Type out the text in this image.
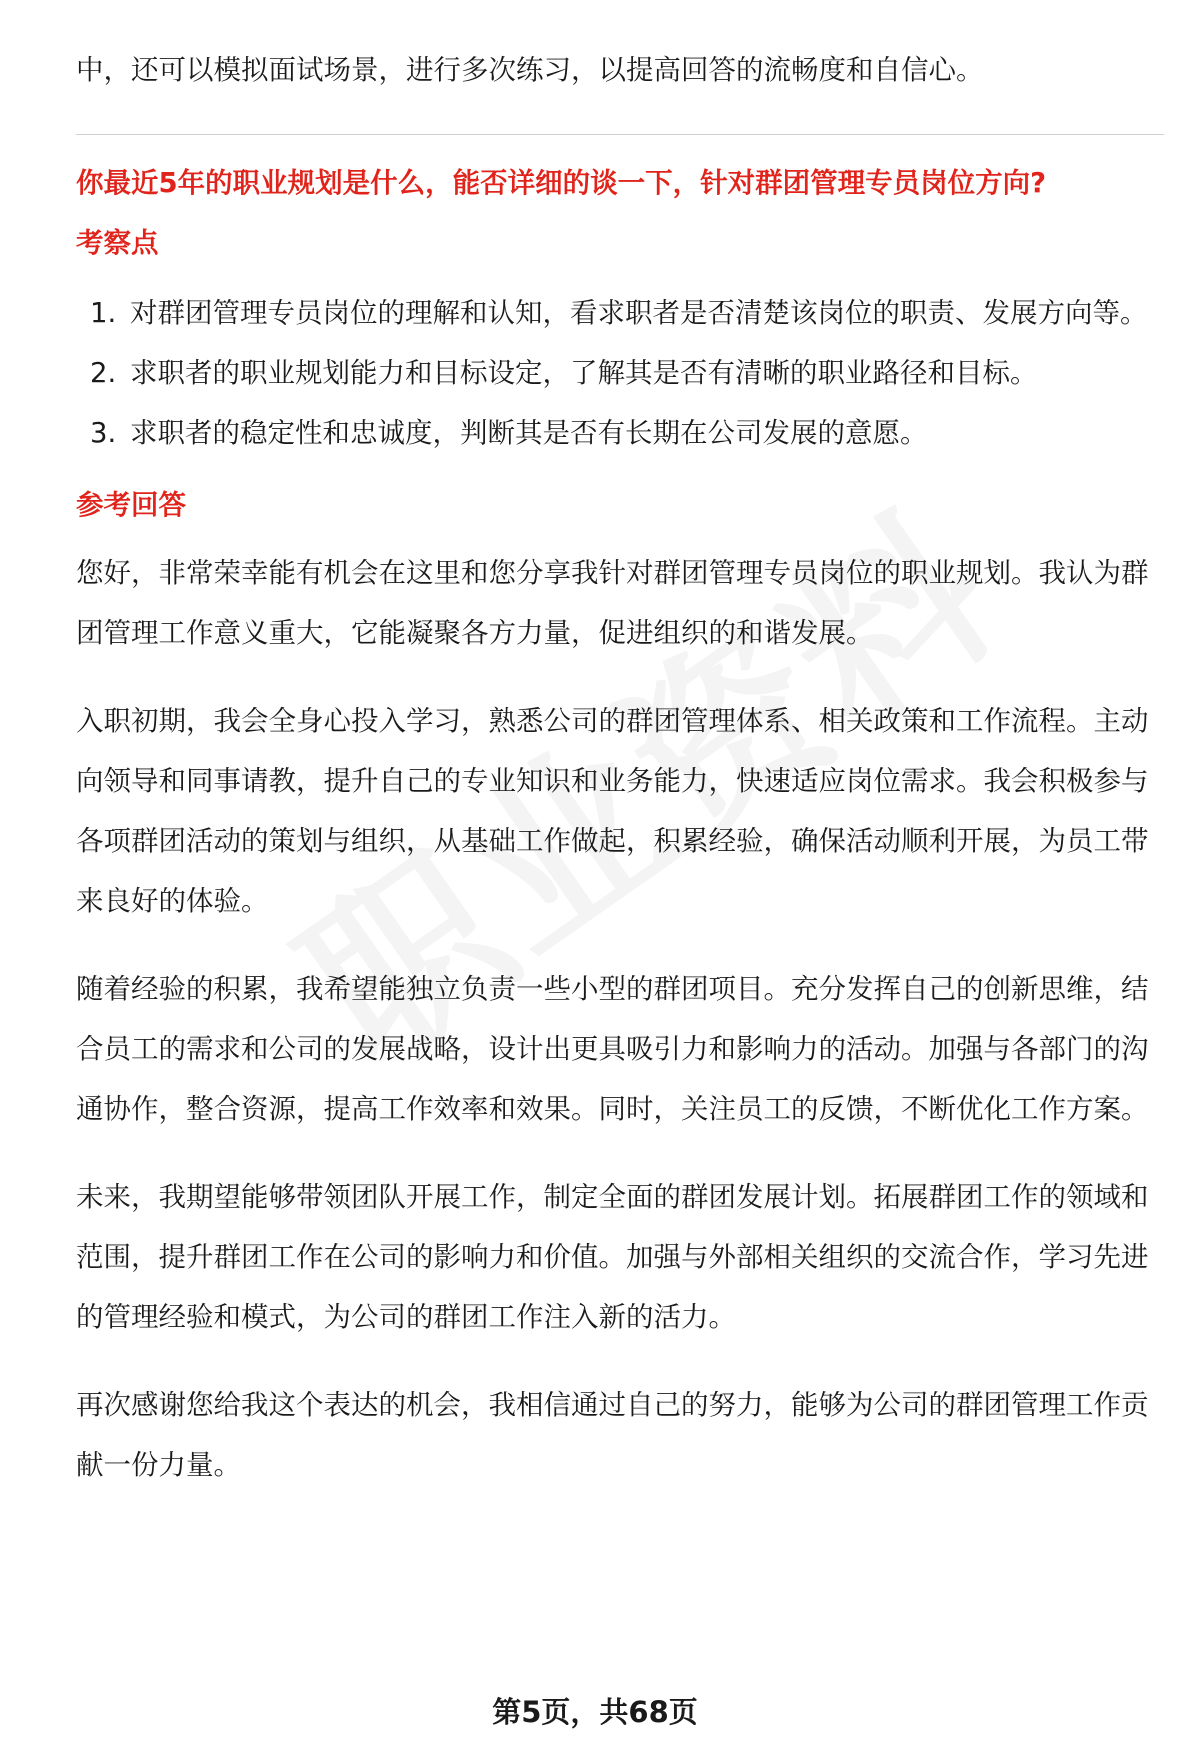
中，还可以模拟面试场景，进行多次练习，以提高回答的流畅度和自信心。

你最近5年的职业规划是什么，能否详细的谈一下，针对群团管理专员岗位方向?

考察点

1. 对群团管理专员岗位的理解和认知，看求职者是否清楚该岗位的职责、发展方向等。
2. 求职者的职业规划能力和目标设定，了解其是否有清晰的职业路径和目标。
3. 求职者的稳定性和忠诚度，判断其是否有长期在公司发展的意愿。

参考回答

您好，非常荣幸能有机会在这里和您分享我针对群团管理专员岗位的职业规划。我认为群团管理工作意义重大，它能凝聚各方力量，促进组织的和谐发展。

入职初期，我会全身心投入学习，熟悉公司的群团管理体系、相关政策和工作流程。主动向领导和同事请教，提升自己的专业知识和业务能力，快速适应岗位需求。我会积极参与各项群团活动的策划与组织，从基础工作做起，积累经验，确保活动顺利开展，为员工带来良好的体验。

随着经验的积累，我希望能独立负责一些小型的群团项目。充分发挥自己的创新思维，结合员工的需求和公司的发展战略，设计出更具吸引力和影响力的活动。加强与各部门的沟通协作，整合资源，提高工作效率和效果。同时，关注员工的反馈，不断优化工作方案。

未来，我期望能够带领团队开展工作，制定全面的群团发展计划。拓展群团工作的领域和范围，提升群团工作在公司的影响力和价值。加强与外部相关组织的交流合作，学习先进的管理经验和模式，为公司的群团工作注入新的活力。

再次感谢您给我这个表达的机会，我相信通过自己的努力，能够为公司的群团管理工作贡献一份力量。

第5页，共68页
